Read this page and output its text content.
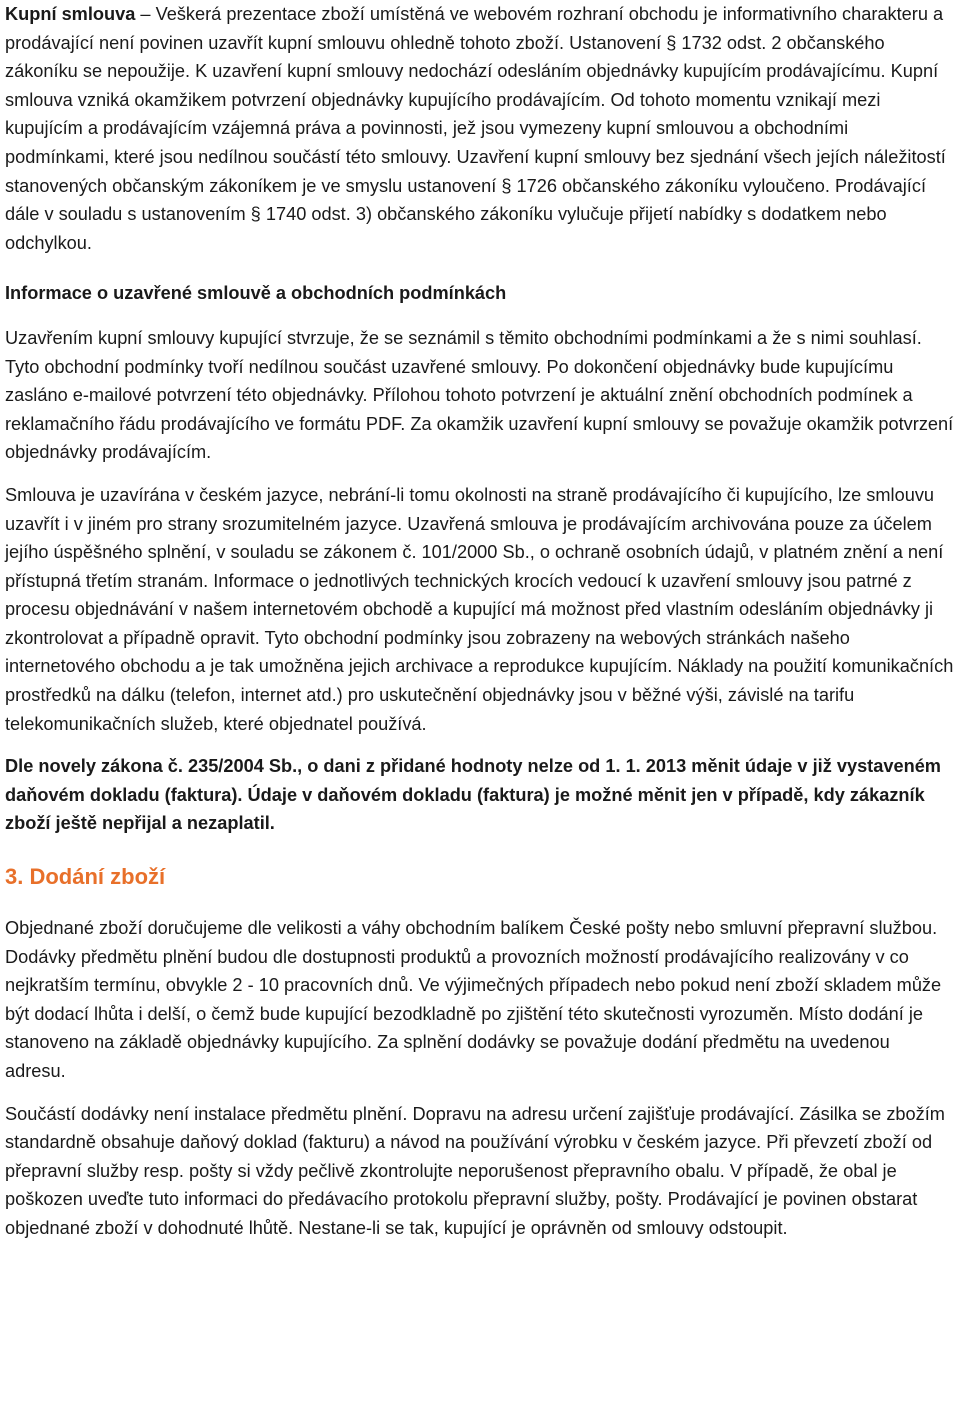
Kupní smlouva – Veškerá prezentace zboží umístěná ve webovém rozhraní obchodu je informativního charakteru a prodávající není povinen uzavřít kupní smlouvu ohledně tohoto zboží. Ustanovení § 1732 odst. 2 občanského zákoníku se nepoužije. K uzavření kupní smlouvy nedochází odesláním objednávky kupujícím prodávajícímu. Kupní smlouva vzniká okamžikem potvrzení objednávky kupujícího prodávajícím. Od tohoto momentu vznikají mezi kupujícím a prodávajícím vzájemná práva a povinnosti, jež jsou vymezeny kupní smlouvou a obchodními podmínkami, které jsou nedílnou součástí této smlouvy. Uzavření kupní smlouvy bez sjednání všech jejích náležitostí stanovených občanským zákoníkem je ve smyslu ustanovení § 1726 občanského zákoníku vyloučeno. Prodávající dále v souladu s ustanovením § 1740 odst. 3) občanského zákoníku vylučuje přijetí nabídky s dodatkem nebo odchylkou.

Informace o uzavřené smlouvě a obchodních podmínkách

Uzavřením kupní smlouvy kupující stvrzuje, že se seznámil s těmito obchodními podmínkami a že s nimi souhlasí. Tyto obchodní podmínky tvoří nedílnou součást uzavřené smlouvy. Po dokončení objednávky bude kupujícímu zasláno e-mailové potvrzení této objednávky. Přílohou tohoto potvrzení je aktuální znění obchodních podmínek a reklamačního řádu prodávajícího ve formátu PDF. Za okamžik uzavření kupní smlouvy se považuje okamžik potvrzení objednávky prodávajícím.

Smlouva je uzavírána v českém jazyce, nebrání-li tomu okolnosti na straně prodávajícího či kupujícího, lze smlouvu uzavřít i v jiném pro strany srozumitelném jazyce. Uzavřená smlouva je prodávajícím archivována pouze za účelem jejího úspěšného splnění, v souladu se zákonem č. 101/2000 Sb., o ochraně osobních údajů, v platném znění a není přístupná třetím stranám. Informace o jednotlivých technických krocích vedoucí k uzavření smlouvy jsou patrné z procesu objednávání v našem internetovém obchodě a kupující má možnost před vlastním odesláním objednávky ji zkontrolovat a případně opravit. Tyto obchodní podmínky jsou zobrazeny na webových stránkách našeho internetového obchodu a je tak umožněna jejich archivace a reprodukce kupujícím. Náklady na použití komunikačních prostředků na dálku (telefon, internet atd.) pro uskutečnění objednávky jsou v běžné výši, závislé na tarifu telekomunikačních služeb, které objednatel používá.

Dle novely zákona č. 235/2004 Sb., o dani z přidané hodnoty nelze od 1. 1. 2013 měnit údaje v již vystaveném daňovém dokladu (faktura). Údaje v daňovém dokladu (faktura) je možné měnit jen v případě, kdy zákazník zboží ještě nepřijal a nezaplatil.

3. Dodání zboží

Objednané zboží doručujeme dle velikosti a váhy obchodním balíkem České pošty nebo smluvní přepravní službou. Dodávky předmětu plnění budou dle dostupnosti produktů a provozních možností prodávajícího realizovány v co nejkratším termínu, obvykle 2 - 10 pracovních dnů. Ve výjimečných případech nebo pokud není zboží skladem může být dodací lhůta i delší, o čemž bude kupující bezodkladně po zjištění této skutečnosti vyrozuměn. Místo dodání je stanoveno na základě objednávky kupujícího. Za splnění dodávky se považuje dodání předmětu na uvedenou adresu.

Součástí dodávky není instalace předmětu plnění. Dopravu na adresu určení zajišťuje prodávající. Zásilka se zbožím standardně obsahuje daňový doklad (fakturu) a návod na používání výrobku v českém jazyce. Při převzetí zboží od přepravní služby resp. pošty si vždy pečlivě zkontrolujte neporušenost přepravního obalu. V případě, že obal je poškozen uveďte tuto informaci do předávacího protokolu přepravní služby, pošty. Prodávající je povinen obstarat objednané zboží v dohodnuté lhůtě. Nestane-li se tak, kupující je oprávněn od smlouvy odstoupit.
